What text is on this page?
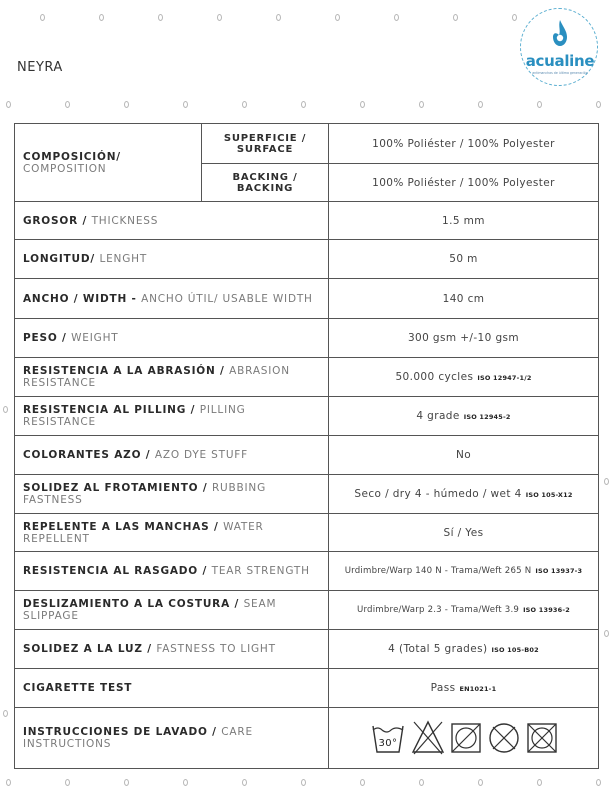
NEYRA	acualine
antimanchas de última generación
COMPOSICIÓN/ COMPOSITION	SUPERFICIE / SURFACE	100% Poliéster / 100% Polyester
	BACKING / BACKING	100% Poliéster / 100% Polyester
GROSOR / THICKNESS		1.5 mm
LONGITUD/ LENGHT		50 m
ANCHO / WIDTH - ANCHO ÚTIL/ USABLE WIDTH		140 cm
PESO / WEIGHT		300 gsm +/-10 gsm
RESISTENCIA A LA ABRASIÓN / ABRASION RESISTANCE		50.000 cycles ISO 12947-1/2
RESISTENCIA AL PILLING / PILLING RESISTANCE		4 grade ISO 12945-2
COLORANTES AZO / AZO DYE STUFF		No
SOLIDEZ AL FROTAMIENTO / RUBBING FASTNESS		Seco / dry 4 - húmedo / wet 4 ISO 105-X12
REPELENTE A LAS MANCHAS / WATER REPELLENT		Sí / Yes
RESISTENCIA AL RASGADO / TEAR STRENGTH		Urdimbre/Warp 140 N - Trama/Weft 265 N ISO 13937-3
DESLIZAMIENTO A LA COSTURA / SEAM SLIPPAGE		Urdimbre/Warp 2.3 - Trama/Weft 3.9 ISO 13936-2
SOLIDEZ A LA LUZ / FASTNESS TO LIGHT		4 (Total 5 grades) ISO 105-B02
CIGARETTE TEST		Pass EN1021-1
INSTRUCCIONES DE LAVADO / CARE INSTRUCTIONS		30°
